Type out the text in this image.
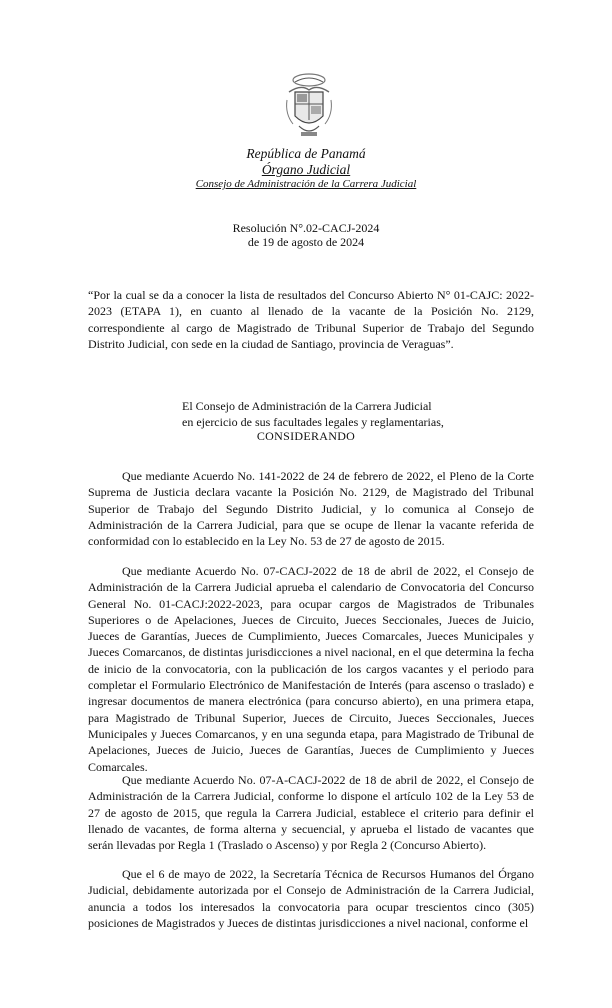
República de Panamá
Órgano Judicial
Consejo de Administración de la Carrera Judicial
Resolución N°.02-CACJ-2024
de 19 de agosto de 2024

“Por la cual se da a conocer la lista de resultados del Concurso Abierto N° 01-CAJC: 2022-2023 (ETAPA 1), en cuanto al llenado de la vacante de la Posición No. 2129, correspondiente al cargo de Magistrado de Tribunal Superior de Trabajo del Segundo Distrito Judicial, con sede en la ciudad de Santiago, provincia de Veraguas”.

El Consejo de Administración de la Carrera Judicial
en ejercicio de sus facultades legales y reglamentarias,
CONSIDERANDO

Que mediante Acuerdo No. 141-2022 de 24 de febrero de 2022, el Pleno de la Corte Suprema de Justicia declara vacante la Posición No. 2129, de Magistrado del Tribunal Superior de Trabajo del Segundo Distrito Judicial, y lo comunica al Consejo de Administración de la Carrera Judicial, para que se ocupe de llenar la vacante referida de conformidad con lo establecido en la Ley No. 53 de 27 de agosto de 2015.

Que mediante Acuerdo No. 07-CACJ-2022 de 18 de abril de 2022, el Consejo de Administración de la Carrera Judicial aprueba el calendario de Convocatoria del Concurso General No. 01-CACJ:2022-2023, para ocupar cargos de Magistrados de Tribunales Superiores o de Apelaciones, Jueces de Circuito, Jueces Seccionales, Jueces de Juicio, Jueces de Garantías, Jueces de Cumplimiento, Jueces Comarcales, Jueces Municipales y Jueces Comarcanos, de distintas jurisdicciones a nivel nacional, en el que determina la fecha de inicio de la convocatoria, con la publicación de los cargos vacantes y el periodo para completar el Formulario Electrónico de Manifestación de Interés (para ascenso o traslado) e ingresar documentos de manera electrónica (para concurso abierto), en una primera etapa, para Magistrado de Tribunal Superior, Jueces de Circuito, Jueces Seccionales, Jueces Municipales y Jueces Comarcanos, y en una segunda etapa, para Magistrado de Tribunal de Apelaciones, Jueces de Juicio, Jueces de Garantías, Jueces de Cumplimiento y Jueces Comarcales.

Que mediante Acuerdo No. 07-A-CACJ-2022 de 18 de abril de 2022, el Consejo de Administración de la Carrera Judicial, conforme lo dispone el artículo 102 de la Ley 53 de 27 de agosto de 2015, que regula la Carrera Judicial, establece el criterio para definir el llenado de vacantes, de forma alterna y secuencial, y aprueba el listado de vacantes que serán llevadas por Regla 1 (Traslado o Ascenso) y por Regla 2 (Concurso Abierto).

Que el 6 de mayo de 2022, la Secretaría Técnica de Recursos Humanos del Órgano Judicial, debidamente autorizada por el Consejo de Administración de la Carrera Judicial, anuncia a todos los interesados la convocatoria para ocupar trescientos cinco (305) posiciones de Magistrados y Jueces de distintas jurisdicciones a nivel nacional, conforme el
